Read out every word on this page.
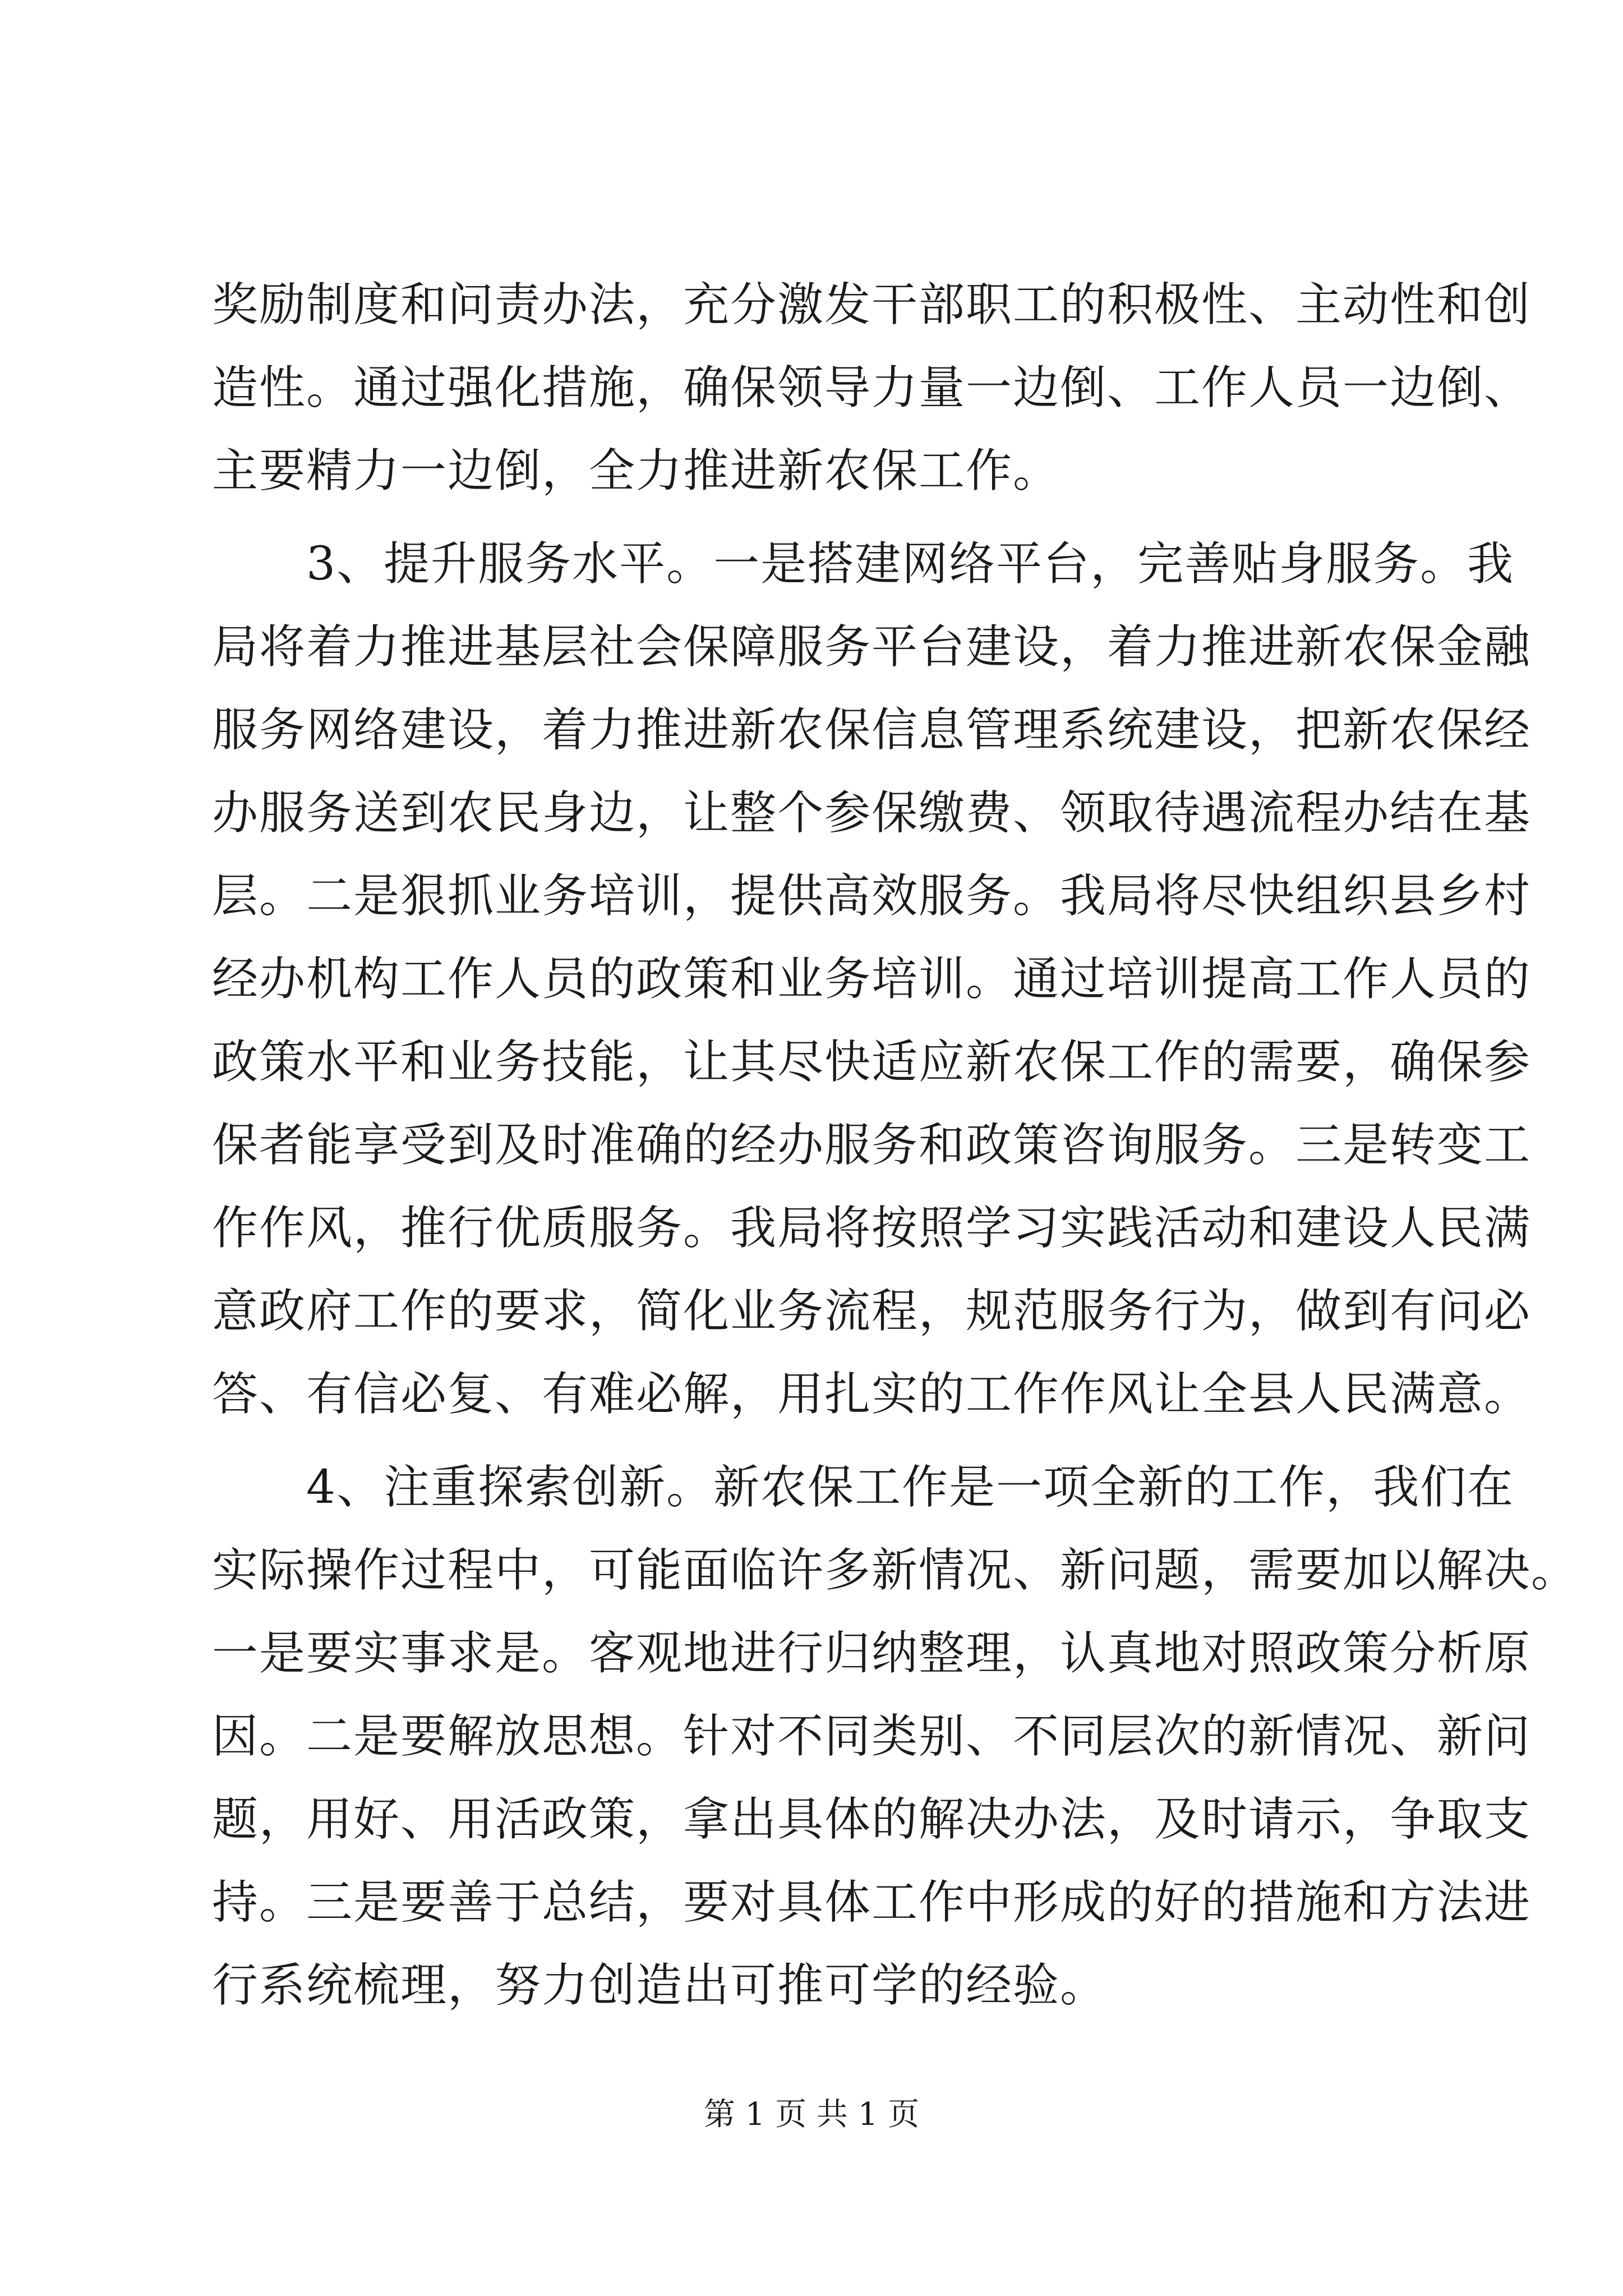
奖励制度和问责办法，充分激发干部职工的积极性、主动性和创
造性。通过强化措施，确保领导力量一边倒、工作人员一边倒、
主要精力一边倒，全力推进新农保工作。
3、提升服务水平。一是搭建网络平台，完善贴身服务。我
局将着力推进基层社会保障服务平台建设，着力推进新农保金融
服务网络建设，着力推进新农保信息管理系统建设，把新农保经
办服务送到农民身边，让整个参保缴费、领取待遇流程办结在基
层。二是狠抓业务培训，提供高效服务。我局将尽快组织县乡村
经办机构工作人员的政策和业务培训。通过培训提高工作人员的
政策水平和业务技能，让其尽快适应新农保工作的需要，确保参
保者能享受到及时准确的经办服务和政策咨询服务。三是转变工
作作风，推行优质服务。我局将按照学习实践活动和建设人民满
意政府工作的要求，简化业务流程，规范服务行为，做到有问必
答、有信必复、有难必解，用扎实的工作作风让全县人民满意。
4、注重探索创新。新农保工作是一项全新的工作，我们在
实际操作过程中，可能面临许多新情况、新问题，需要加以解决。
一是要实事求是。客观地进行归纳整理，认真地对照政策分析原
因。二是要解放思想。针对不同类别、不同层次的新情况、新问
题，用好、用活政策，拿出具体的解决办法，及时请示，争取支
持。三是要善于总结，要对具体工作中形成的好的措施和方法进
行系统梳理，努力创造出可推可学的经验。
第 1 页 共 1 页
